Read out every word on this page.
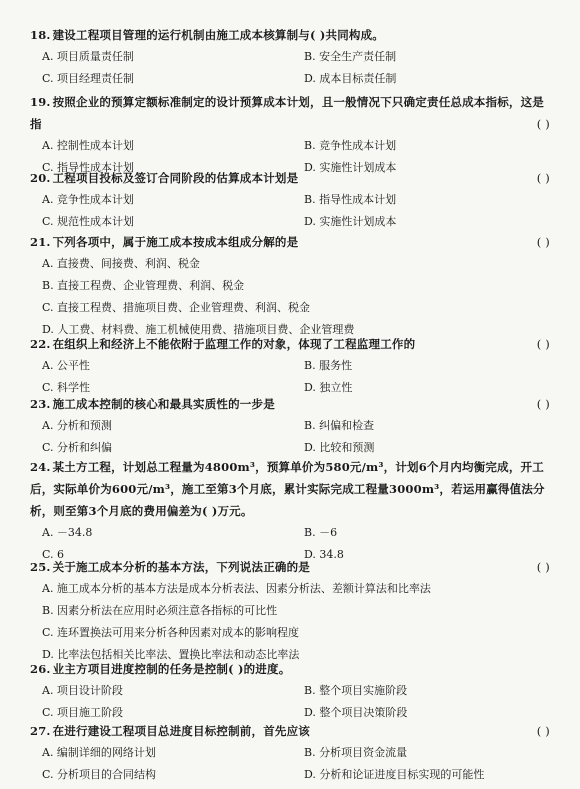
18. 建设工程项目管理的运行机制由施工成本核算制与( )共同构成。
A. 项目质量责任制	B. 安全生产责任制
C. 项目经理责任制	D. 成本目标责任制
19. 按照企业的预算定额标准制定的设计预算成本计划，且一般情况下只确定责任总成本指标，这是指	( )
A. 控制性成本计划	B. 竞争性成本计划
C. 指导性成本计划	D. 实施性计划成本
20. 工程项目投标及签订合同阶段的估算成本计划是	( )
A. 竞争性成本计划	B. 指导性成本计划
C. 规范性成本计划	D. 实施性计划成本
21. 下列各项中，属于施工成本按成本组成分解的是	( )
A. 直接费、间接费、利润、税金
B. 直接工程费、企业管理费、利润、税金
C. 直接工程费、措施项目费、企业管理费、利润、税金
D. 人工费、材料费、施工机械使用费、措施项目费、企业管理费
22. 在组织上和经济上不能依附于监理工作的对象，体现了工程监理工作的	( )
A. 公平性	B. 服务性
C. 科学性	D. 独立性
23. 施工成本控制的核心和最具实质性的一步是	( )
A. 分析和预测	B. 纠偏和检查
C. 分析和纠偏	D. 比较和预测
24. 某土方工程，计划总工程量为4800m³，预算单价为580元/m³，计划6个月内均衡完成，开工后，实际单价为600元/m³，施工至第3个月底，累计实际完成工程量3000m³，若运用赢得值法分析，则至第3个月底的费用偏差为( )万元。
A. －34.8	B. －6
C. 6	D. 34.8
25. 关于施工成本分析的基本方法，下列说法正确的是	( )
A. 施工成本分析的基本方法是成本分析表法、因素分析法、差额计算法和比率法
B. 因素分析法在应用时必须注意各指标的可比性
C. 连环置换法可用来分析各种因素对成本的影响程度
D. 比率法包括相关比率法、置换比率法和动态比率法
26. 业主方项目进度控制的任务是控制( )的进度。
A. 项目设计阶段	B. 整个项目实施阶段
C. 项目施工阶段	D. 整个项目决策阶段
27. 在进行建设工程项目总进度目标控制前，首先应该	( )
A. 编制详细的网络计划	B. 分析项目资金流量
C. 分析项目的合同结构	D. 分析和论证进度目标实现的可能性
